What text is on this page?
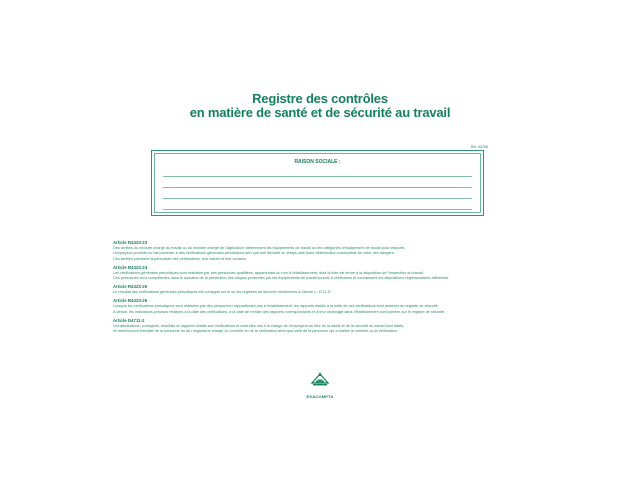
Registre des contrôles
en matière de santé et de sécurité au travail
Réf. 66768
RAISON SOCIALE :
Article R4323-23

Des arrêtés du ministre chargé du travail ou du ministre chargé de l'agriculture déterminent les équipements de travail ou les catégories d'équipement de travail pour lesquels

l'employeur procède ou fait procéder à des vérifications générales périodiques afin que soit décelée en temps utile toute détérioration susceptible de créer des dangers.

Ces arrêtés précisent la périodicité des vérifications, leur nature et leur contenu.

Article R4323-24

Les vérifications générales périodiques sont réalisées par des personnes qualifiées, appartenant ou non à l'établissement, dont la liste est tenue à la disposition de l'inspection du travail.

Ces personnes sont compétentes dans le domaine de la prévention des risques présentés par les équipements de travail soumis à vérification et connaissent les dispositions réglementaires afférentes.

Article R4323-25

Le résultat des vérifications générales périodiques est consigné sur le ou les registres de sécurité mentionnés à l'article L. 4711-5.

Article R4323-26

Lorsque les vérifications périodiques sont réalisées par des personnes n'appartenant pas à l'établissement, les rapports établis à la suite de ces vérifications sont annexés au registre de sécurité.

A défaut, les indications précises relatives à la date des vérifications, à la date de remise des rapports correspondants et à leur archivage dans l'établissement sont portées sur le registre de sécurité.

Article D4711-2

Les attestations, consignes, résultats et rapports relatifs aux vérifications et contrôles mis à la charge de l'employeur au titre de la santé et de la sécurité au travail sont datés.

Ils mentionnent l'identité de la personne ou de l'organisme chargé du contrôle ou de la vérification ainsi que celle de la personne qui a réalisé le contrôle ou la vérification.

EXACOMPTA
